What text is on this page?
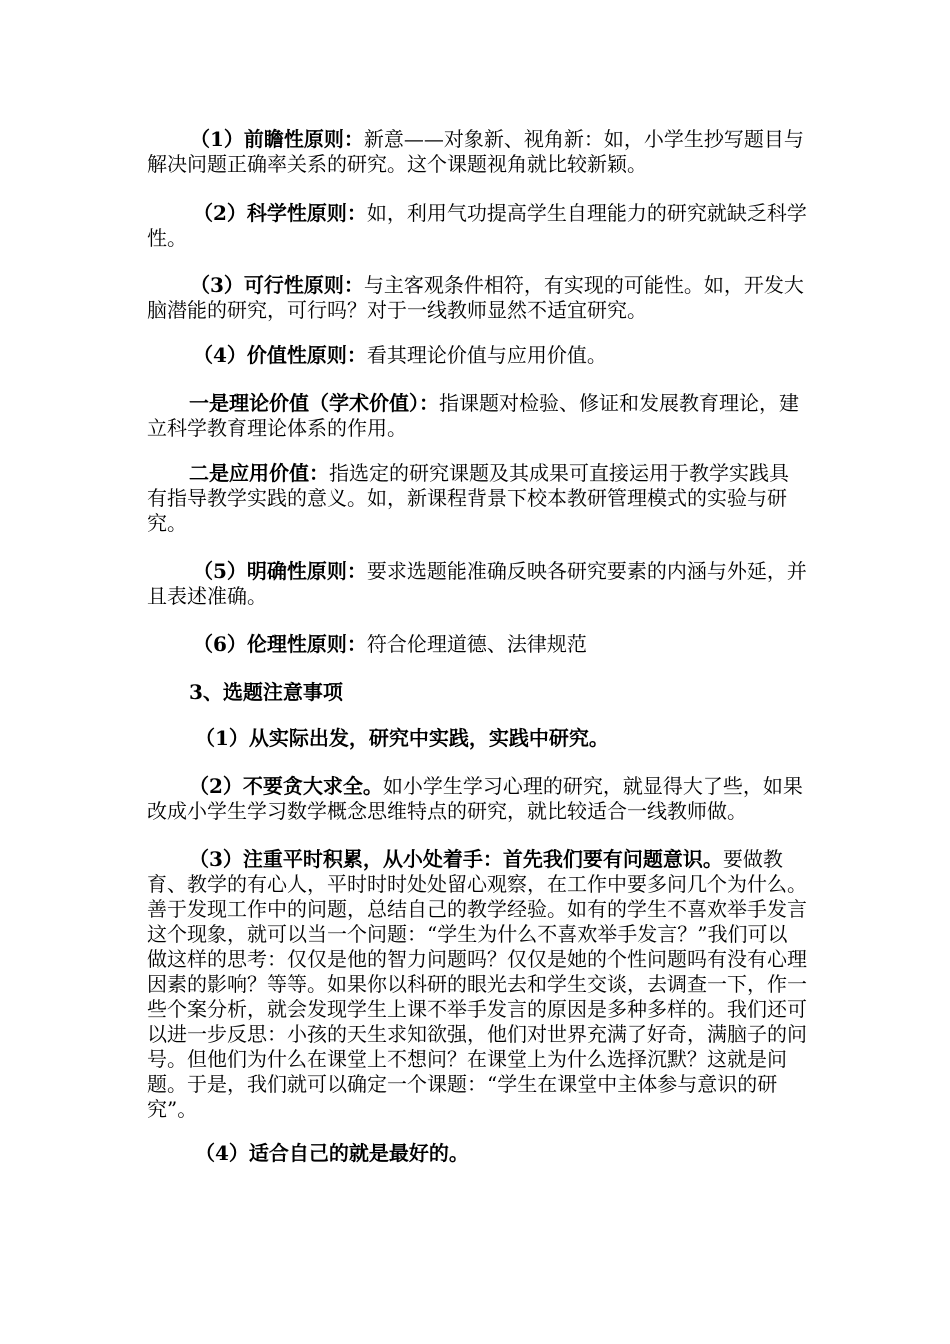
（1）前瞻性原则：新意——对象新、视角新：如，小学生抄写题目与解决问题正确率关系的研究。这个课题视角就比较新颖。

（2）科学性原则：如，利用气功提高学生自理能力的研究就缺乏科学性。

（3）可行性原则：与主客观条件相符，有实现的可能性。如，开发大脑潜能的研究，可行吗？对于一线教师显然不适宜研究。

（4）价值性原则：看其理论价值与应用价值。

一是理论价值（学术价值）：指课题对检验、修证和发展教育理论，建立科学教育理论体系的作用。

二是应用价值：指选定的研究课题及其成果可直接运用于教学实践具有指导教学实践的意义。如，新课程背景下校本教研管理模式的实验与研究。

（5）明确性原则：要求选题能准确反映各研究要素的内涵与外延，并且表述准确。

（6）伦理性原则：符合伦理道德、法律规范

3、选题注意事项

（1）从实际出发，研究中实践，实践中研究。

（2）不要贪大求全。如小学生学习心理的研究，就显得大了些，如果改成小学生学习数学概念思维特点的研究，就比较适合一线教师做。

（3）注重平时积累，从小处着手：首先我们要有问题意识。要做教育、教学的有心人，平时时时处处留心观察，在工作中要多问几个为什么。善于发现工作中的问题，总结自己的教学经验。如有的学生不喜欢举手发言这个现象，就可以当一个问题：“学生为什么不喜欢举手发言？”我们可以做这样的思考：仅仅是他的智力问题吗？仅仅是她的个性问题吗有没有心理因素的影响？等等。如果你以科研的眼光去和学生交谈，去调查一下，作一些个案分析，就会发现学生上课不举手发言的原因是多种多样的。我们还可以进一步反思：小孩的天生求知欲强，他们对世界充满了好奇，满脑子的问号。但他们为什么在课堂上不想问？在课堂上为什么选择沉默？这就是问题。于是，我们就可以确定一个课题：“学生在课堂中主体参与意识的研究”。

（4）适合自己的就是最好的。
